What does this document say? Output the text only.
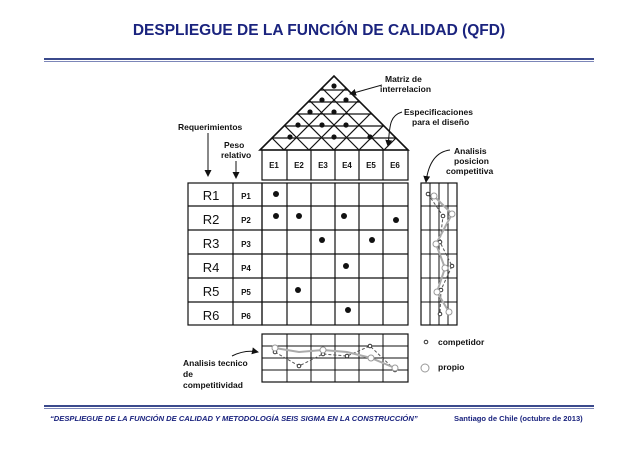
DESPLIEGUE DE LA FUNCIÓN DE CALIDAD (QFD)
E1 E2 E3 E4 E5 E6
R1
R2
R3
R4
R5
R6
P1
P2
P3
P4
P5
P6
competidor
propio
Matriz de
interrelacion
Especificaciones
para el diseño
Analisis
posicion
competitiva
Requerimientos
Peso
relativo
Analisis tecnico
de
competitividad
“DESPLIEGUE DE LA FUNCIÓN DE CALIDAD Y METODOLOGÍA SEIS SIGMA EN LA CONSTRUCCIÓN”	Santiago de Chile (octubre de 2013)
